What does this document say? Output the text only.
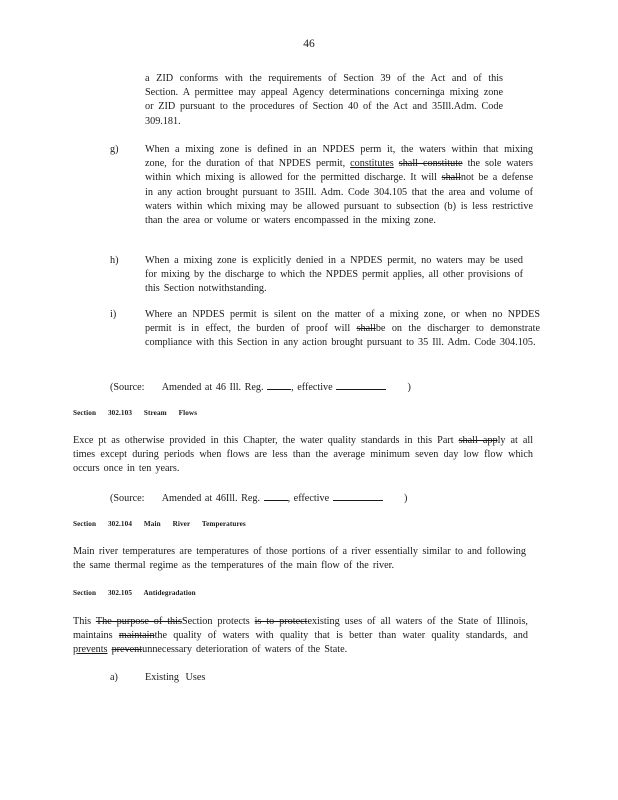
46
a ZID conforms with the requirements of Section 39 of the Act and of this Section. A permittee may appeal Agency determinations concerninga mixing zone or ZID pursuant to the procedures of Section 40 of the Act and 35Ill.Adm. Code 309.181.
g)	When a mixing zone is defined in an NPDES perm it, the waters within that mixing zone, for the duration of that NPDES permit, constitutes shall constitute the sole waters within which mixing is allowed for the permitted discharge. It will shallnot be a defense in any action brought pursuant to 35Ill. Adm. Code 304.105 that the area and volume of waters within which mixing may be allowed pursuant to subsection (b) is less restrictive than the area or volume or waters encompassed in the mixing zone.
h)	When a mixing zone is explicitly denied in a NPDES permit, no waters may be used for mixing by the discharge to which the NPDES permit applies, all other provisions of this Section notwithstanding.
i)	Where an NPDES permit is silent on the matter of a mixing zone, or when no NPDES permit is in effect, the burden of proof will shallbe on the discharger to demonstrate compliance with this Section in any action brought pursuant to 35 Ill. Adm. Code 304.105.
(Source: Amended at 46 Ill. Reg.	, effective	)
Section 302.103 Stream Flows
Exce pt as otherwise provided in this Chapter, the water quality standards in this Part shall apply at all times except during periods when flows are less than the average minimum seven day low flow which occurs once in ten years.
(Source: Amended at 46Ill. Reg.	, effective	)
Section 302.104 Main River Temperatures
Main river temperatures are temperatures of those portions of a river essentially similar to and following the same thermal regime as the temperatures of the main flow of the river.
Section 302.105 Antidegradation
This The purpose of thisSection protects is to protectexisting uses of all waters of the State of Illinois, maintains maintainthe quality of waters with quality that is better than water quality standards, and prevents preventunnecessary deterioration of waters of the State.
a)	Existing Uses
